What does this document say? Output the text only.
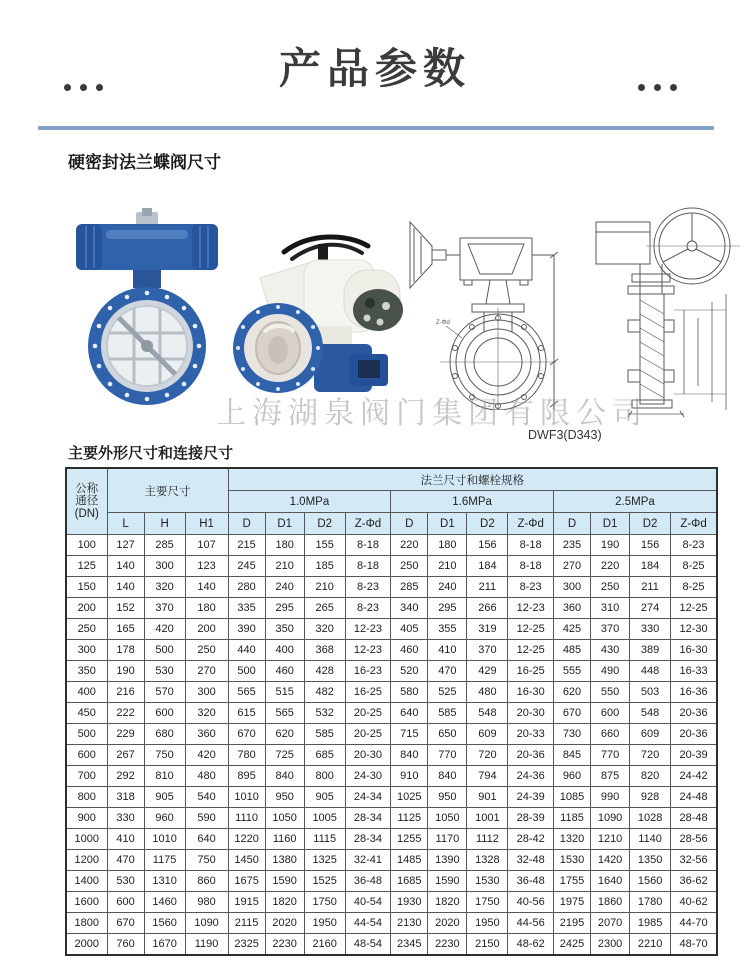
产品参数
硬密封法兰蝶阀尺寸
Z-Φd
上海湖泉阀门集团有限公司
DWF3(D343)
主要外形尺寸和连接尺寸
公称
通径
(DN)	主要尺寸			法兰尺寸和螺栓规格											
				1.0MPa				1.6MPa				2.5MPa			
	L	H	H1	D	D1	D2	Z-Φd	D	D1	D2	Z-Φd	D	D1	D2	Z-Φd
100	127	285	107	215	180	155	8-18	220	180	156	8-18	235	190	156	8-23
125	140	300	123	245	210	185	8-18	250	210	184	8-18	270	220	184	8-25
150	140	320	140	280	240	210	8-23	285	240	211	8-23	300	250	211	8-25
200	152	370	180	335	295	265	8-23	340	295	266	12-23	360	310	274	12-25
250	165	420	200	390	350	320	12-23	405	355	319	12-25	425	370	330	12-30
300	178	500	250	440	400	368	12-23	460	410	370	12-25	485	430	389	16-30
350	190	530	270	500	460	428	16-23	520	470	429	16-25	555	490	448	16-33
400	216	570	300	565	515	482	16-25	580	525	480	16-30	620	550	503	16-36
450	222	600	320	615	565	532	20-25	640	585	548	20-30	670	600	548	20-36
500	229	680	360	670	620	585	20-25	715	650	609	20-33	730	660	609	20-36
600	267	750	420	780	725	685	20-30	840	770	720	20-36	845	770	720	20-39
700	292	810	480	895	840	800	24-30	910	840	794	24-36	960	875	820	24-42
800	318	905	540	1010	950	905	24-34	1025	950	901	24-39	1085	990	928	24-48
900	330	960	590	1110	1050	1005	28-34	1125	1050	1001	28-39	1185	1090	1028	28-48
1000	410	1010	640	1220	1160	1115	28-34	1255	1170	1112	28-42	1320	1210	1140	28-56
1200	470	1175	750	1450	1380	1325	32-41	1485	1390	1328	32-48	1530	1420	1350	32-56
1400	530	1310	860	1675	1590	1525	36-48	1685	1590	1530	36-48	1755	1640	1560	36-62
1600	600	1460	980	1915	1820	1750	40-54	1930	1820	1750	40-56	1975	1860	1780	40-62
1800	670	1560	1090	2115	2020	1950	44-54	2130	2020	1950	44-56	2195	2070	1985	44-70
2000	760	1670	1190	2325	2230	2160	48-54	2345	2230	2150	48-62	2425	2300	2210	48-70
